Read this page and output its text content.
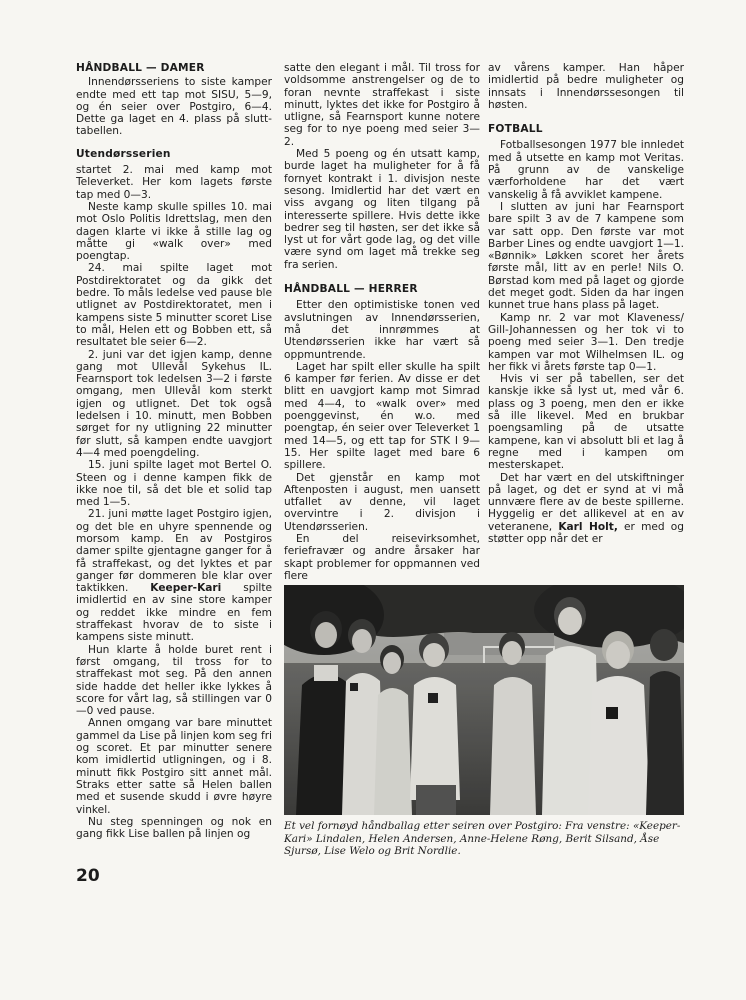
HÅNDBALL — DAMER

Innendørsseriens to siste kamper endte med ett tap mot SISU, 5—9, og én seier over Postgiro, 6—4. Dette ga laget en 4. plass på slutt-tabellen.

Utendørsserien

startet 2. mai med kamp mot Televerket. Her kom lagets første tap med 0—3.

Neste kamp skulle spilles 10. mai mot Oslo Politis Idrettslag, men den dagen klarte vi ikke å stille lag og måtte gi «walk over» med poengtap.

24. mai spilte laget mot Postdirektoratet og da gikk det bedre. To måls ledelse ved pause ble utlignet av Postdirektoratet, men i kampens siste 5 minutter scoret Lise to mål, Helen ett og Bobben ett, så resultatet ble seier 6—2.

2. juni var det igjen kamp, denne gang mot Ullevål Sykehus IL. Fearnsport tok ledelsen 3—2 i første omgang, men Ullevål kom sterkt igjen og utlignet. Det tok også ledelsen i 10. minutt, men Bobben sørget for ny utligning 22 minutter før slutt, så kampen endte uavgjort 4—4 med poengdeling.

15. juni spilte laget mot Bertel O. Steen og i denne kampen fikk de ikke noe til, så det ble et solid tap med 1—5.

21. juni møtte laget Postgiro igjen, og det ble en uhyre spennende og morsom kamp. En av Postgiros damer spilte gjentagne ganger for å få straffekast, og det lyktes et par ganger før dommeren ble klar over taktikken. Keeper-Kari spilte imidlertid en av sine store kamper og reddet ikke mindre en fem straffekast hvorav de to siste i kampens siste minutt.

Hun klarte å holde buret rent i først omgang, til tross for to straffekast mot seg. På den annen side hadde det heller ikke lykkes å score for vårt lag, så stillingen var 0—0 ved pause.

Annen omgang var bare minuttet gammel da Lise på linjen kom seg fri og scoret. Et par minutter senere kom imidlertid utligningen, og i 8. minutt fikk Postgiro sitt annet mål. Straks etter satte så Helen ballen med et susende skudd i øvre høyre vinkel.

Nu steg spenningen og nok en gang fikk Lise ballen på linjen og

satte den elegant i mål. Til tross for voldsomme anstrengelser og de to foran nevnte straffekast i siste minutt, lyktes det ikke for Postgiro å utligne, så Fearnsport kunne notere seg for to nye poeng med seier 3—2.

Med 5 poeng og én utsatt kamp, burde laget ha muligheter for å få fornyet kontrakt i 1. divisjon neste sesong. Imidlertid har det vært en viss avgang og liten tilgang på interesserte spillere. Hvis dette ikke bedrer seg til høsten, ser det ikke så lyst ut for vårt gode lag, og det ville være synd om laget må trekke seg fra serien.

HÅNDBALL — HERRER

Etter den optimistiske tonen ved avslutningen av Innendørsserien, må det innrømmes at Utendørsserien ikke har vært så oppmuntrende.

Laget har spilt eller skulle ha spilt 6 kamper før ferien. Av disse er det blitt en uavgjort kamp mot Simrad med 4—4, to «walk over» med poenggevinst, én w.o. med poengtap, én seier over Televerket 1 med 14—5, og ett tap for STK I 9—15. Her spilte laget med bare 6 spillere.

Det gjenstår en kamp mot Aftenposten i august, men uansett utfallet av denne, vil laget overvintre i 2. divisjon i Utendørsserien.

En del reisevirksomhet, feriefravær og andre årsaker har skapt problemer for oppmannen ved flere

av vårens kamper. Han håper imidlertid på bedre muligheter og innsats i Innendørssesongen til høsten.

FOTBALL

Fotballsesongen 1977 ble innledet med å utsette en kamp mot Veritas. På grunn av de vanskelige værforholdene har det vært vanskelig å få avviklet kampene.

I slutten av juni har Fearnsport bare spilt 3 av de 7 kampene som var satt opp. Den første var mot Barber Lines og endte uavgjort 1—1. «Bønnik» Løkken scoret her årets første mål, litt av en perle! Nils O. Børstad kom med på laget og gjorde det meget godt. Siden da har ingen kunnet true hans plass på laget.

Kamp nr. 2 var mot Klaveness/ Gill-Johannessen og her tok vi to poeng med seier 3—1. Den tredje kampen var mot Wilhelmsen IL. og her fikk vi årets første tap 0—1.

Hvis vi ser på tabellen, ser det kanskje ikke så lyst ut, med vår 6. plass og 3 poeng, men den er ikke så ille likevel. Med en brukbar poengsamling på de utsatte kampene, kan vi absolutt bli et lag å regne med i kampen om mesterskapet.

Det har vært en del utskiftninger på laget, og det er synd at vi må unnvære flere av de beste spillerne. Hyggelig er det allikevel at en av veteranene, Karl Holt, er med og støtter opp når det er

Et vel fornøyd håndballag etter seiren over Postgiro: Fra venstre: «Keeper-Kari» Lindalen, Helen Andersen, Anne-Helene Røng, Berit Silsand, Åse Sjursø, Lise Welo og Brit Nordlie.
20
